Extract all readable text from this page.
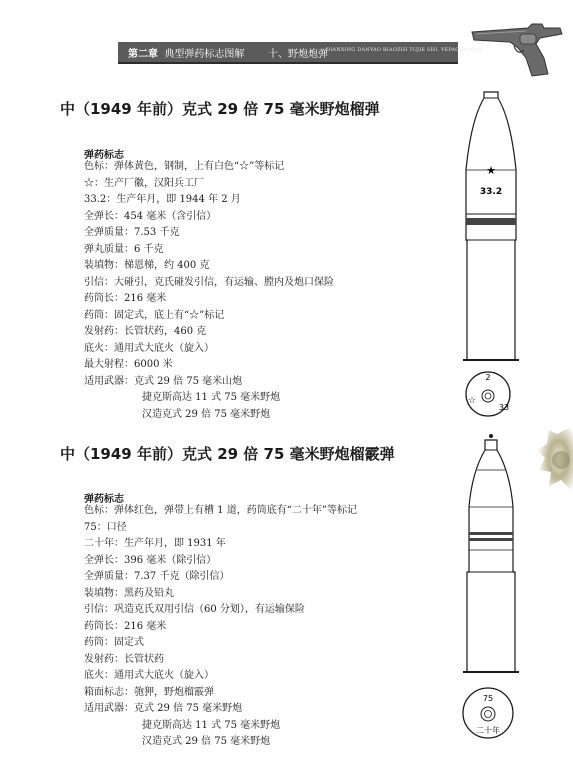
第二章 典型弹药标志图解 十、野炮炮弹
DIANXING DANYAO BIAOZHI TUJIE SHI. YEPAOPAODAN
中（1949 年前）克式 29 倍 75 毫米野炮榴弹
弹药标志
色标：弹体黄色，钢制，上有白色“☆”等标记
☆：生产厂徽，汉阳兵工厂
33.2：生产年月，即 1944 年 2 月
全弹长：454 毫米（含引信）
全弹质量：7.53 千克
弹丸质量：6 千克
装填物：梯恩梯，约 400 克
引信：大碰引，克氏碰发引信，有运输、膛内及炮口保险
药筒长：216 毫米
药筒：固定式，底上有“☆”标记
发射药：长管状药，460 克
底火：通用式大底火（旋入）
最大射程：6000 米
适用武器：克式 29 倍 75 毫米山炮
捷克斯高达 11 式 75 毫米野炮
汉造克式 29 倍 75 毫米野炮
★
33.2
2
☆
33
中（1949 年前）克式 29 倍 75 毫米野炮榴霰弹
弹药标志
色标：弹体红色，弹带上有槽 1 道，药筒底有“二十年”等标记
75：口径
二十年：生产年月，即 1931 年
全弹长：396 毫米（除引信）
全弹质量：7.37 千克（除引信）
装填物：黑药及铅丸
引信：巩造克氏双用引信（60 分划），有运输保险
药筒长：216 毫米
药筒：固定式
发射药：长管状药
底火：通用式大底火（旋入）
箱面标志：匏狎，野炮榴霰弹
适用武器：克式 29 倍 75 毫米野炮
捷克斯高达 11 式 75 毫米野炮
汉造克式 29 倍 75 毫米野炮
75
二十年
